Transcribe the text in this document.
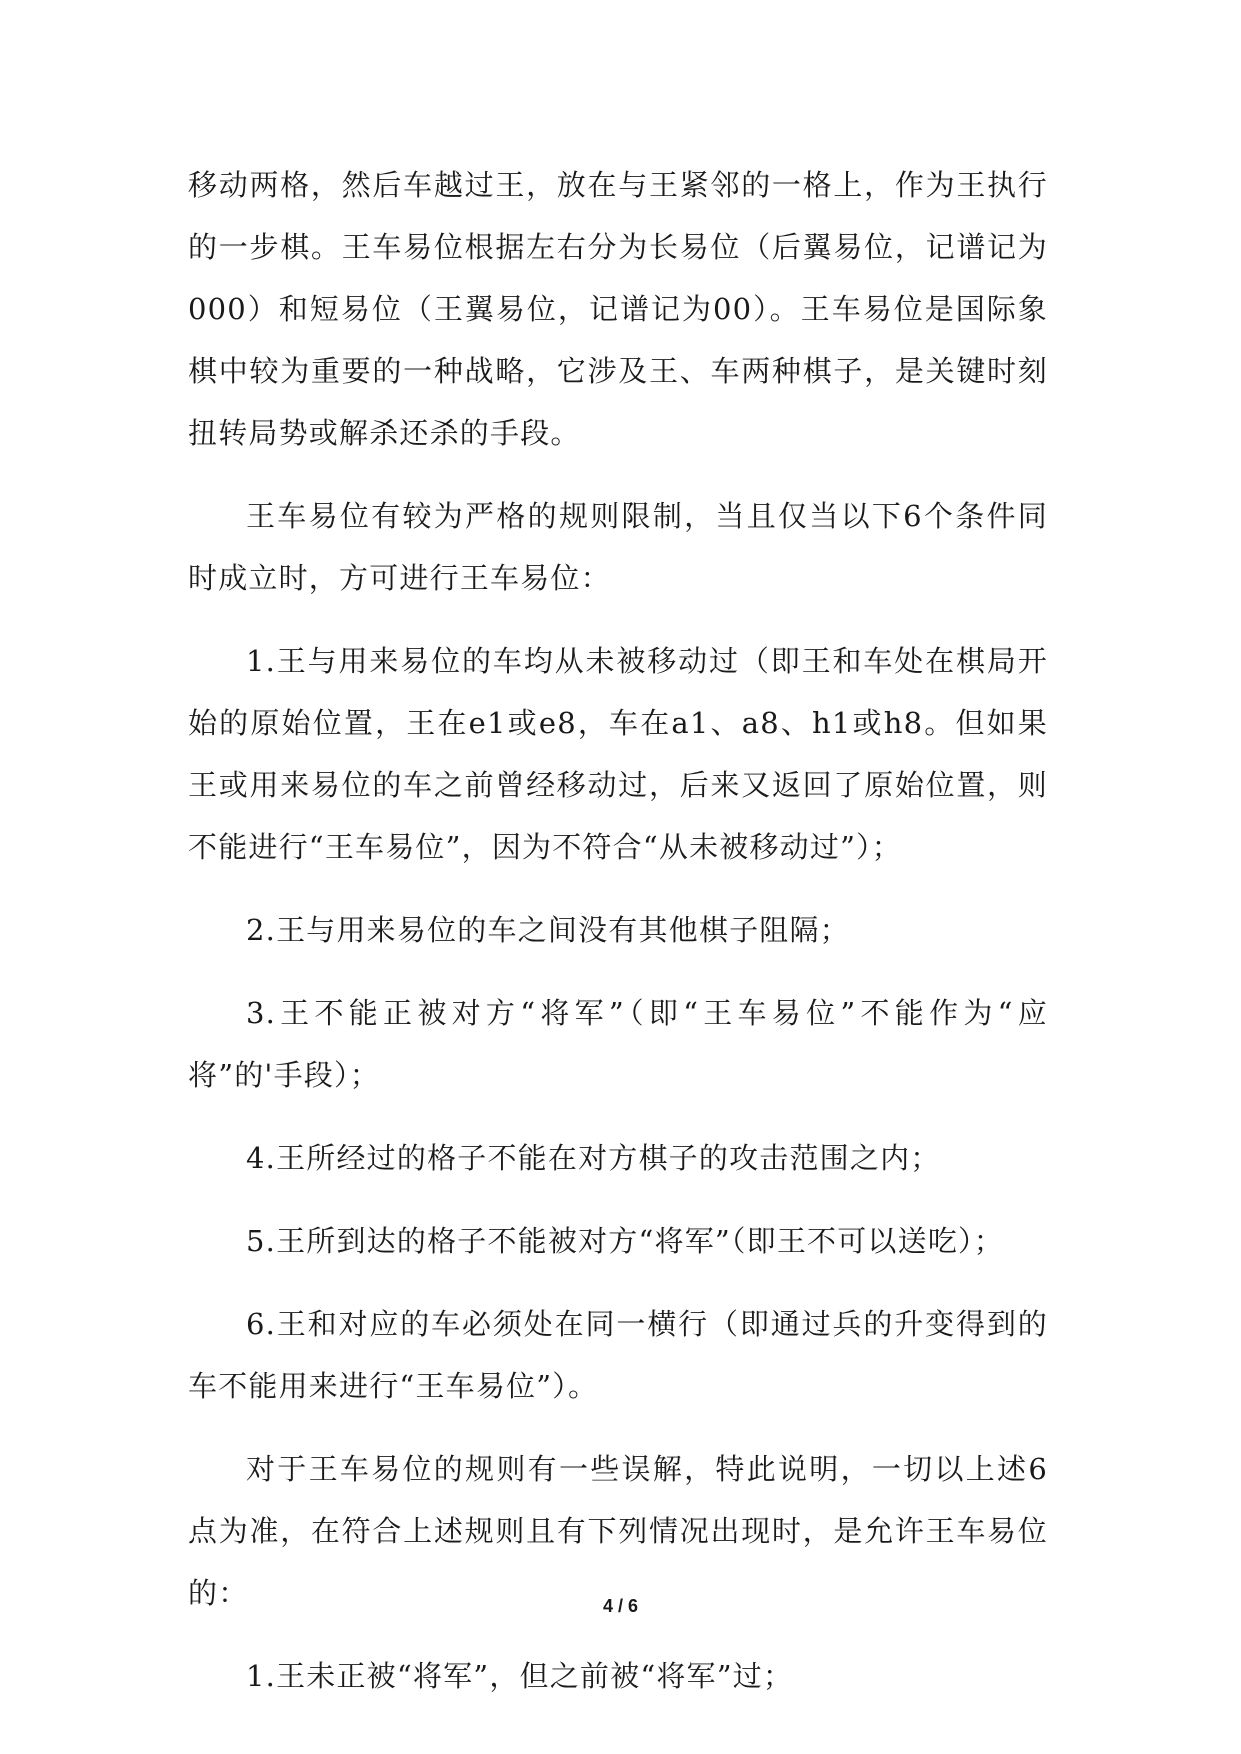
移动两格，然后车越过王，放在与王紧邻的一格上，作为王执行的一步棋。王车易位根据左右分为长易位（后翼易位，记谱记为000）和短易位（王翼易位，记谱记为00）。王车易位是国际象棋中较为重要的一种战略，它涉及王、车两种棋子，是关键时刻扭转局势或解杀还杀的手段。

王车易位有较为严格的规则限制，当且仅当以下6个条件同时成立时，方可进行王车易位：

1.王与用来易位的车均从未被移动过（即王和车处在棋局开始的原始位置，王在e1或e8，车在a1、a8、h1或h8。但如果王或用来易位的车之前曾经移动过，后来又返回了原始位置，则不能进行“王车易位”，因为不符合“从未被移动过”）；

2.王与用来易位的车之间没有其他棋子阻隔；

3.王不能正被对方“将军”（即“王车易位”不能作为“应将”的'手段）；

4.王所经过的格子不能在对方棋子的攻击范围之内；

5.王所到达的格子不能被对方“将军”（即王不可以送吃）；

6.王和对应的车必须处在同一横行（即通过兵的升变得到的车不能用来进行“王车易位”）。

对于王车易位的规则有一些误解，特此说明，一切以上述6点为准，在符合上述规则且有下列情况出现时，是允许王车易位的：

1.王未正被“将军”，但之前被“将军”过；

4 / 6
